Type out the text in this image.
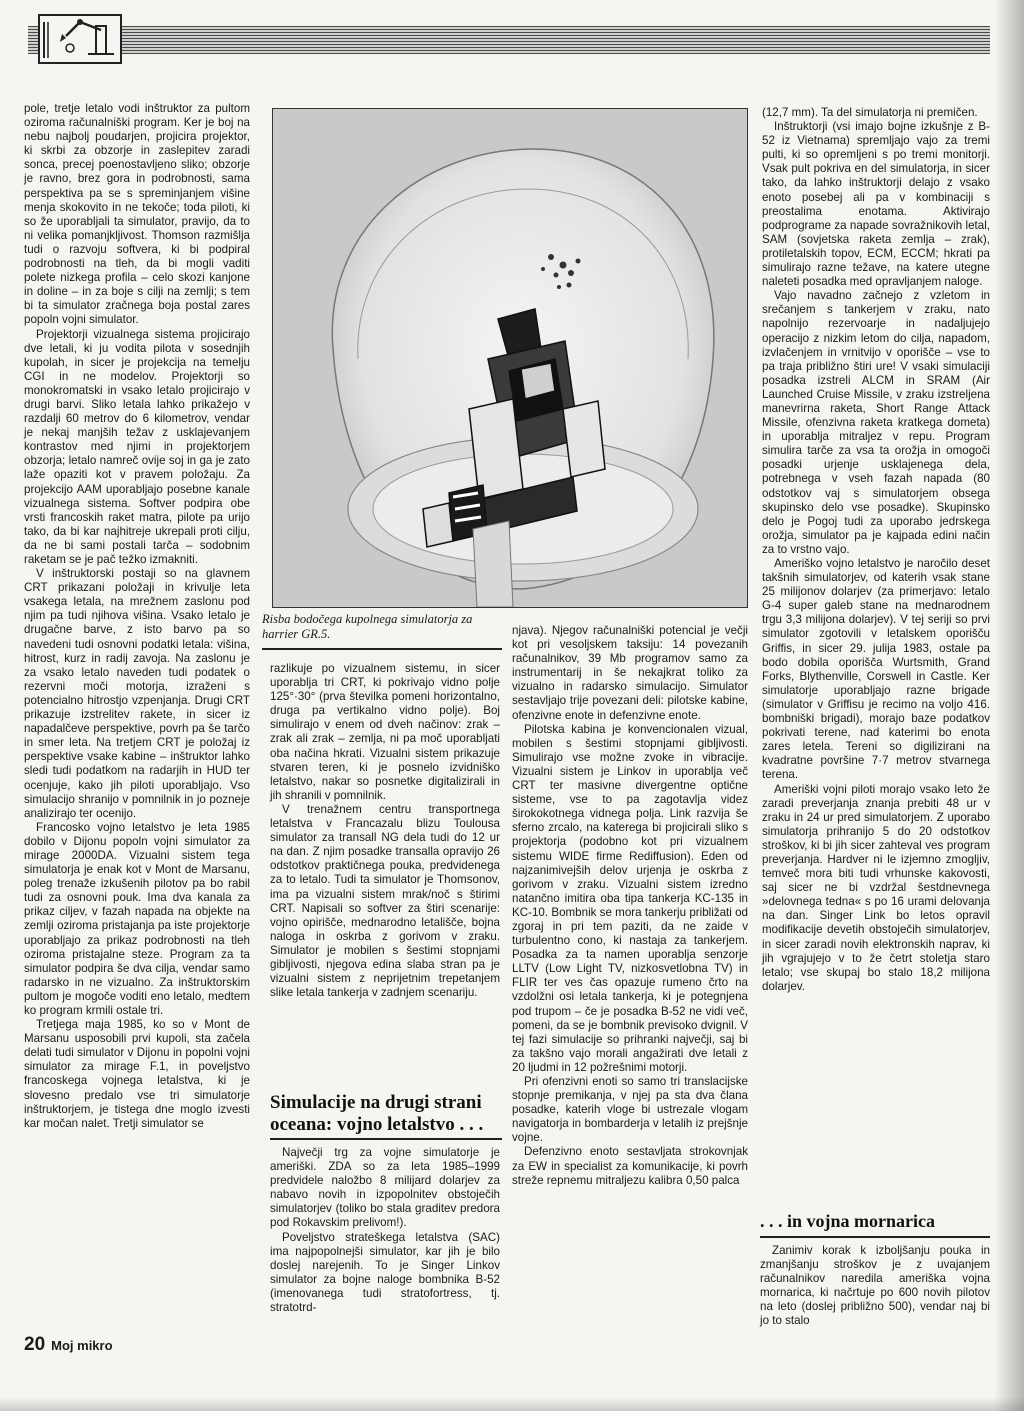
pole, tretje letalo vodi inštruktor za pultom oziroma računalniški program. Ker je boj na nebu najbolj poudarjen, projicira projektor, ki skrbi za obzorje in zaslepitev zaradi sonca, precej poenostavljeno sliko; obzorje je ravno, brez gora in podrobnosti, sama perspektiva pa se s spreminjanjem višine menja skokovito in ne tekoče; toda piloti, ki so že uporabljali ta simulator, pravijo, da to ni velika pomanjkljivost. Thomson razmišlja tudi o razvoju softvera, ki bi podpiral podrobnosti na tleh, da bi mogli vaditi polete nizkega profila – celo skozi kanjone in doline – in za boje s cilji na zemlji; s tem bi ta simulator zračnega boja postal zares popoln vojni simulator.

Projektorji vizualnega sistema projicirajo dve letali, ki ju vodita pilota v sosednjih kupolah, in sicer je projekcija na temelju CGI in ne modelov. Projektorji so monokromatski in vsako letalo projicirajo v drugi barvi. Sliko letala lahko prikažejo v razdalji 60 metrov do 6 kilometrov, vendar je nekaj manjših težav z usklajevanjem kontrastov med njimi in projektorjem obzorja; letalo namreč ovije soj in ga je zato laže opaziti kot v pravem položaju. Za projekcijo AAM uporabljajo posebne kanale vizualnega sistema. Softver podpira obe vrsti francoskih raket matra, pilote pa urijo tako, da bi kar najhitreje ukrepali proti cilju, da ne bi sami postali tarča – sodobnim raketam se je pač težko izmakniti.

V inštruktorski postaji so na glavnem CRT prikazani položaji in krivulje leta vsakega letala, na mrežnem zaslonu pod njim pa tudi njihova višina. Vsako letalo je drugačne barve, z isto barvo pa so navedeni tudi osnovni podatki letala: višina, hitrost, kurz in radij zavoja. Na zaslonu je za vsako letalo naveden tudi podatek o rezervni moči motorja, izraženi s potencialno hitrostjo vzpenjanja. Drugi CRT prikazuje izstrelitev rakete, in sicer iz napadalčeve perspektive, povrh pa še tarčo in smer leta. Na tretjem CRT je položaj iz perspektive vsake kabine – inštruktor lahko sledi tudi podatkom na radarjih in HUD ter ocenjuje, kako jih piloti uporabljajo. Vso simulacijo shranijo v pomnilnik in jo pozneje analizirajo ter ocenijo.

Francosko vojno letalstvo je leta 1985 dobilo v Dijonu popoln vojni simulator za mirage 2000DA. Vizualni sistem tega simulatorja je enak kot v Mont de Marsanu, poleg trenaže izkušenih pilotov pa bo rabil tudi za osnovni pouk. Ima dva kanala za prikaz ciljev, v fazah napada na objekte na zemlji oziroma pristajanja pa iste projektorje uporabljajo za prikaz podrobnosti na tleh oziroma pristajalne steze. Program za ta simulator podpira še dva cilja, vendar samo radarsko in ne vizualno. Za inštruktorskim pultom je mogoče voditi eno letalo, medtem ko program krmili ostale tri.

Tretjega maja 1985, ko so v Mont de Marsanu usposobili prvi kupoli, sta začela delati tudi simulator v Dijonu in popolni vojni simulator za mirage F.1, in poveljstvo francoskega vojnega letalstva, ki je slovesno predalo vse tri simulatorje inštruktorjem, je tistega dne moglo izvesti kar močan nalet. Tretji simulator se

Risba bodočega kupolnega simulatorja za harrier GR.5.

razlikuje po vizualnem sistemu, in sicer uporablja tri CRT, ki pokrivajo vidno polje 125°·30° (prva številka pomeni horizontalno, druga pa vertikalno vidno polje). Boj simulirajo v enem od dveh načinov: zrak – zrak ali zrak – zemlja, ni pa moč uporabljati oba načina hkrati. Vizualni sistem prikazuje stvaren teren, ki je posnelo izvidniško letalstvo, nakar so posnetke digitalizirali in jih shranili v pomnilnik.

V trenažnem centru transportnega letalstva v Francazalu blizu Toulousa simulator za transall NG dela tudi do 12 ur na dan. Z njim posadke transalla opravijo 26 odstotkov praktičnega pouka, predvidenega za to letalo. Tudi ta simulator je Thomsonov, ima pa vizualni sistem mrak/noč s štirimi CRT. Napisali so softver za štiri scenarije: vojno opirišče, mednarodno letališče, bojna naloga in oskrba z gorivom v zraku. Simulator je mobilen s šestimi stopnjami gibljivosti, njegova edina slaba stran pa je vizualni sistem z neprijetnim trepetanjem slike letala tankerja v zadnjem scenariju.

Simulacije na drugi strani oceana: vojno letalstvo . . .

Največji trg za vojne simulatorje je ameriški. ZDA so za leta 1985–1999 predvidele naložbo 8 milijard dolarjev za nabavo novih in izpopolnitev obstoječih simulatorjev (toliko bo stala graditev predora pod Rokavskim prelivom!).

Poveljstvo strateškega letalstva (SAC) ima najpopolnejši simulator, kar jih je bilo doslej narejenih. To je Singer Linkov simulator za bojne naloge bombnika B-52 (imenovanega tudi stratofortress, tj. stratotrd-

njava). Njegov računalniški potencial je večji kot pri vesoljskem taksiju: 14 povezanih računalnikov, 39 Mb programov samo za instrumentarij in še nekajkrat toliko za vizualno in radarsko simulacijo. Simulator sestavljajo trije povezani deli: pilotske kabine, ofenzivne enote in defenzivne enote.

Pilotska kabina je konvencionalen vizual, mobilen s šestimi stopnjami gibljivosti. Simulirajo vse možne zvoke in vibracije. Vizualni sistem je Linkov in uporablja več CRT ter masivne divergentne optične sisteme, vse to pa zagotavlja videz širokokotnega vidnega polja. Link razvija še sferno zrcalo, na katerega bi projicirali sliko s projektorja (podobno kot pri vizualnem sistemu WIDE firme Rediffusion). Eden od najzanimivejših delov urjenja je oskrba z gorivom v zraku. Vizualni sistem izredno natančno imitira oba tipa tankerja KC-135 in KC-10. Bombnik se mora tankerju približati od zgoraj in pri tem paziti, da ne zaide v turbulentno cono, ki nastaja za tankerjem. Posadka za ta namen uporablja senzorje LLTV (Low Light TV, nizkosvetlobna TV) in FLIR ter ves čas opazuje rumeno črto na vzdolžni osi letala tankerja, ki je potegnjena pod trupom – če je posadka B-52 ne vidi več, pomeni, da se je bombnik previsoko dvignil. V tej fazi simulacije so prihranki največji, saj bi za takšno vajo morali angažirati dve letali z 20 ljudmi in 12 požrešnimi motorji.

Pri ofenzivni enoti so samo tri translacijske stopnje premikanja, v njej pa sta dva člana posadke, katerih vloge bi ustrezale vlogam navigatorja in bombarderja v letalih iz prejšnje vojne.

Defenzivno enoto sestavljata strokovnjak za EW in specialist za komunikacije, ki povrh streže repnemu mitraljezu kalibra 0,50 palca

(12,7 mm). Ta del simulatorja ni premičen.

Inštruktorji (vsi imajo bojne izkušnje z B-52 iz Vietnama) spremljajo vajo za tremi pulti, ki so opremljeni s po tremi monitorji. Vsak pult pokriva en del simulatorja, in sicer tako, da lahko inštruktorji delajo z vsako enoto posebej ali pa v kombinaciji s preostalima enotama. Aktivirajo podprograme za napade sovražnikovih letal, SAM (sovjetska raketa zemlja – zrak), protiletalskih topov, ECM, ECCM; hkrati pa simulirajo razne težave, na katere utegne naleteti posadka med opravljanjem naloge.

Vajo navadno začnejo z vzletom in srečanjem s tankerjem v zraku, nato napolnijo rezervoarje in nadaljujejo operacijo z nizkim letom do cilja, napadom, izvlačenjem in vrnitvijo v oporišče – vse to pa traja približno štiri ure! V vsaki simulaciji posadka izstreli ALCM in SRAM (Air Launched Cruise Missile, v zraku izstreljena manevrirna raketa, Short Range Attack Missile, ofenzivna raketa kratkega dometa) in uporablja mitraljez v repu. Program simulira tarče za vsa ta orožja in omogoči posadki urjenje usklajenega dela, potrebnega v vseh fazah napada (80 odstotkov vaj s simulatorjem obsega skupinsko delo vse posadke). Skupinsko delo je Pogoj tudi za uporabo jedrskega orožja, simulator pa je kajpada edini način za to vrstno vajo.

Ameriško vojno letalstvo je naročilo deset takšnih simulatorjev, od katerih vsak stane 25 milijonov dolarjev (za primerjavo: letalo G-4 super galeb stane na mednarodnem trgu 3,3 milijona dolarjev). V tej seriji so prvi simulator zgotovili v letalskem oporišču Griffis, in sicer 29. julija 1983, ostale pa bodo dobila oporišča Wurtsmith, Grand Forks, Blythenville, Corswell in Castle. Ker simulatorje uporabljajo razne brigade (simulator v Griffisu je recimo na voljo 416. bombniški brigadi), morajo baze podatkov pokrivati terene, nad katerimi bo enota zares letela. Tereni so digilizirani na kvadratne površine 7·7 metrov stvarnega terena.

Ameriški vojni piloti morajo vsako leto že zaradi preverjanja znanja prebiti 48 ur v zraku in 24 ur pred simulatorjem. Z uporabo simulatorja prihranijo 5 do 20 odstotkov stroškov, ki bi jih sicer zahteval ves program preverjanja. Hardver ni le izjemno zmogljiv, temveč mora biti tudi vrhunske kakovosti, saj sicer ne bi vzdržal šestdnevnega »delovnega tedna« s po 16 urami delovanja na dan. Singer Link bo letos opravil modifikacije devetih obstoječih simulatorjev, in sicer zaradi novih elektronskih naprav, ki jih vgrajujejo v to že četrt stoletja staro letalo; vse skupaj bo stalo 18,2 milijona dolarjev.

. . . in vojna mornarica

Zanimiv korak k izboljšanju pouka in zmanjšanju stroškov je z uvajanjem računalnikov naredila ameriška vojna mornarica, ki načrtuje po 600 novih pilotov na leto (doslej približno 500), vendar naj bi jo to stalo

20 Moj mikro
